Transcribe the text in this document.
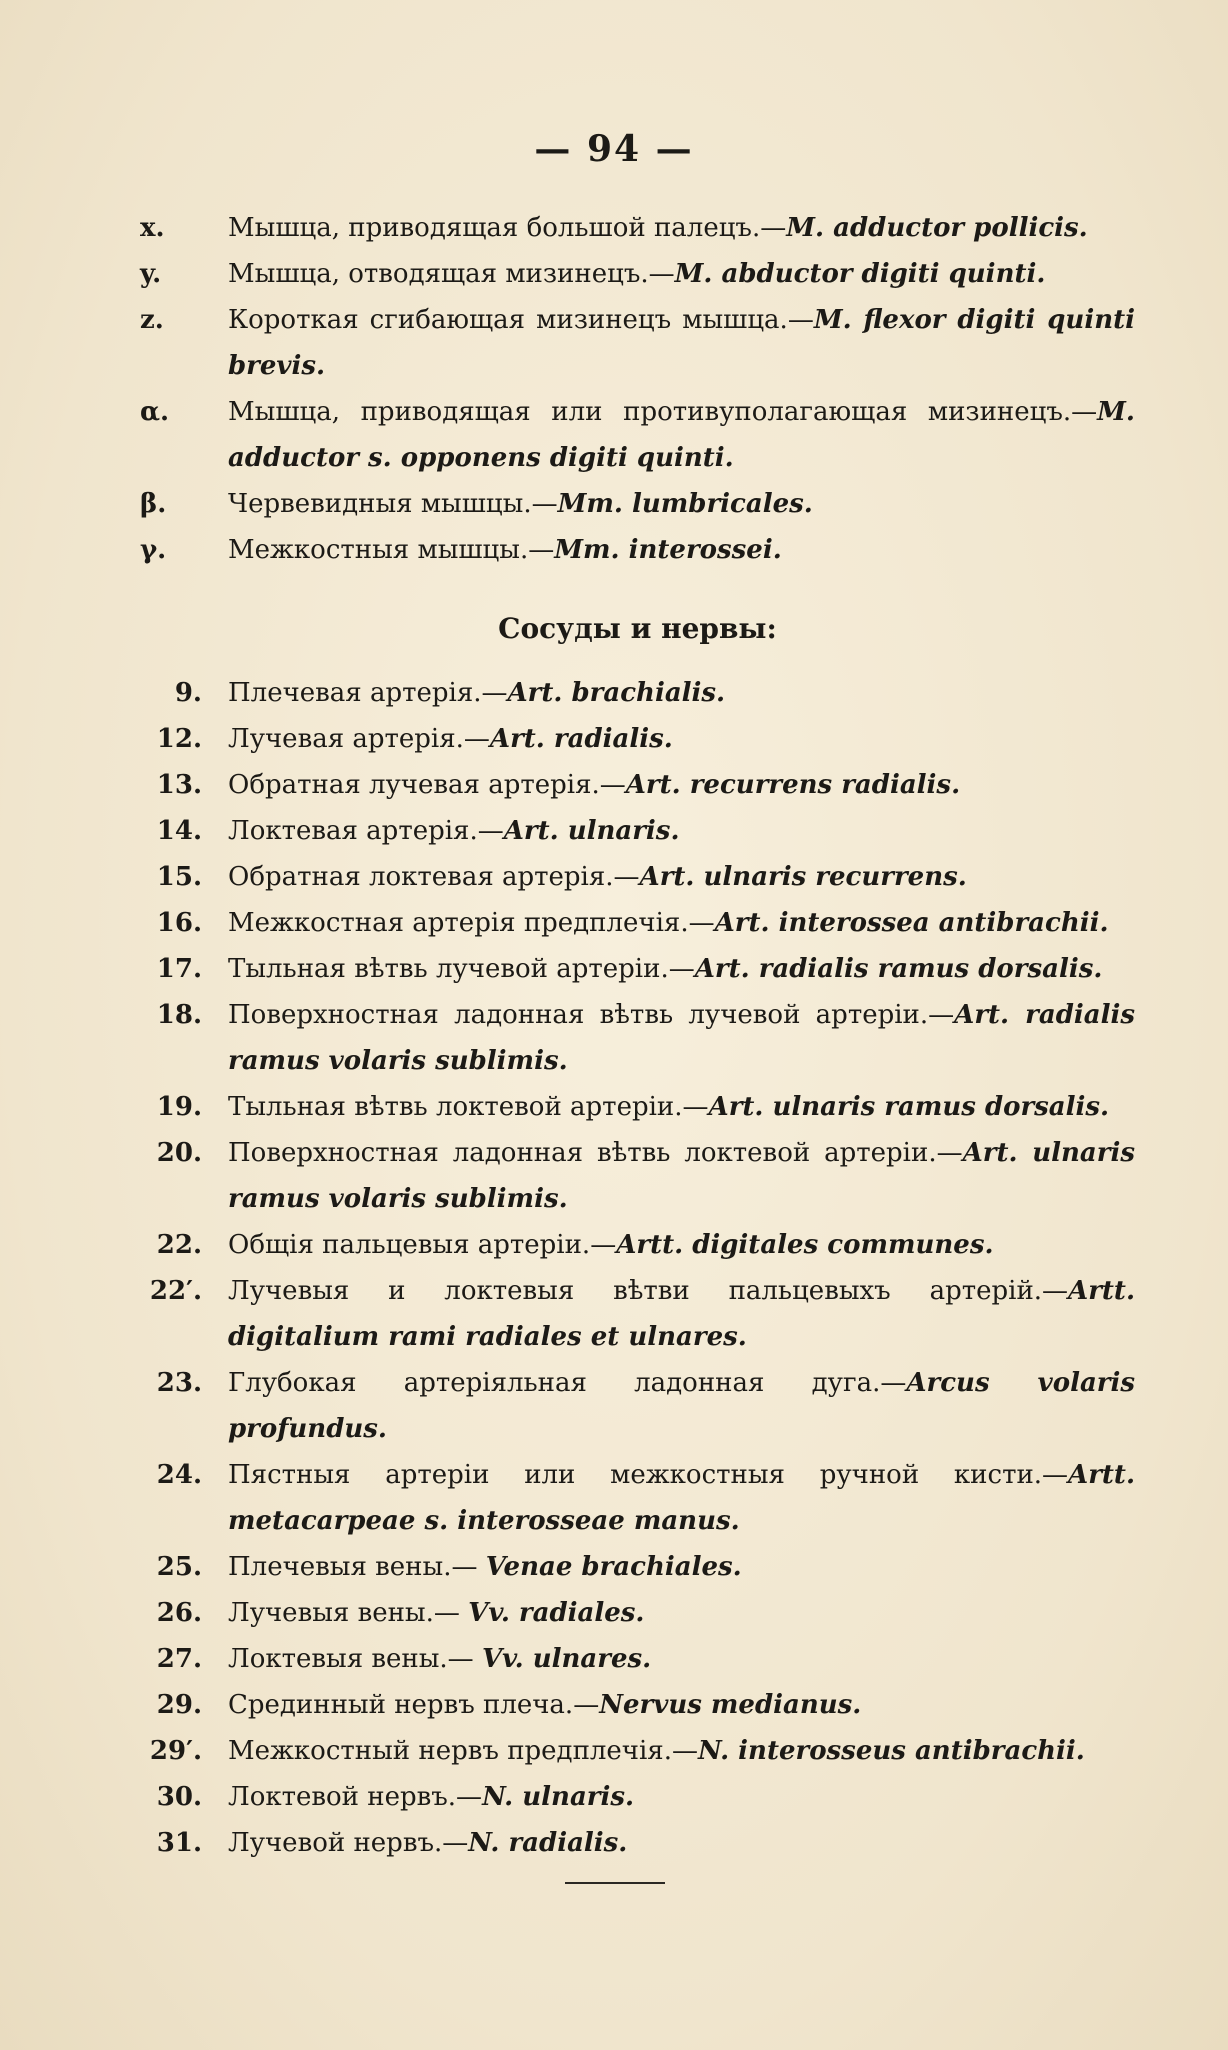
— 94 —
x.	Мышца, приводящая большой палецъ.—M. adductor pollicis.
y.	Мышца, отводящая мизинецъ.—M. abductor digiti quinti.
z.	Короткая сгибающая мизинецъ мышца.—M. flexor digiti quinti brevis.
α.	Мышца, приводящая или противуполагающая мизинецъ.—M. adductor s. opponens digiti quinti.
β.	Червевидныя мышцы.—Mm. lumbricales.
γ.	Межкостныя мышцы.—Mm. interossei.
Сосуды и нервы:
9. Плечевая артерія.—Art. brachialis.
12. Лучевая артерія.—Art. radialis.
13. Обратная лучевая артерія.—Art. recurrens radialis.
14. Локтевая артерія.—Art. ulnaris.
15. Обратная локтевая артерія.—Art. ulnaris recurrens.
16. Межкостная артерія предплечія.—Art. interossea antibrachii.
17. Тыльная вѣтвь лучевой артеріи.—Art. radialis ramus dorsalis.
18. Поверхностная ладонная вѣтвь лучевой артеріи.—Art. radialis ramus volaris sublimis.
19. Тыльная вѣтвь локтевой артеріи.—Art. ulnaris ramus dorsalis.
20. Поверхностная ладонная вѣтвь локтевой артеріи.—Art. ulnaris ramus volaris sublimis.
22. Общія пальцевыя артеріи.—Artt. digitales communes.
22′. Лучевыя и локтевыя вѣтви пальцевыхъ артерій.—Artt. digitalium rami radiales et ulnares.
23. Глубокая артеріяльная ладонная дуга.—Arcus volaris profundus.
24. Пястныя артеріи или межкостныя ручной кисти.—Artt. metacarpeae s. interosseae manus.
25. Плечевыя вены.— Venae brachiales.
26. Лучевыя вены.— Vv. radiales.
27. Локтевыя вены.— Vv. ulnares.
29. Срединный нервъ плеча.—Nervus medianus.
29′. Межкостный нервъ предплечія.—N. interosseus antibrachii.
30. Локтевой нервъ.—N. ulnaris.
31. Лучевой нервъ.—N. radialis.
